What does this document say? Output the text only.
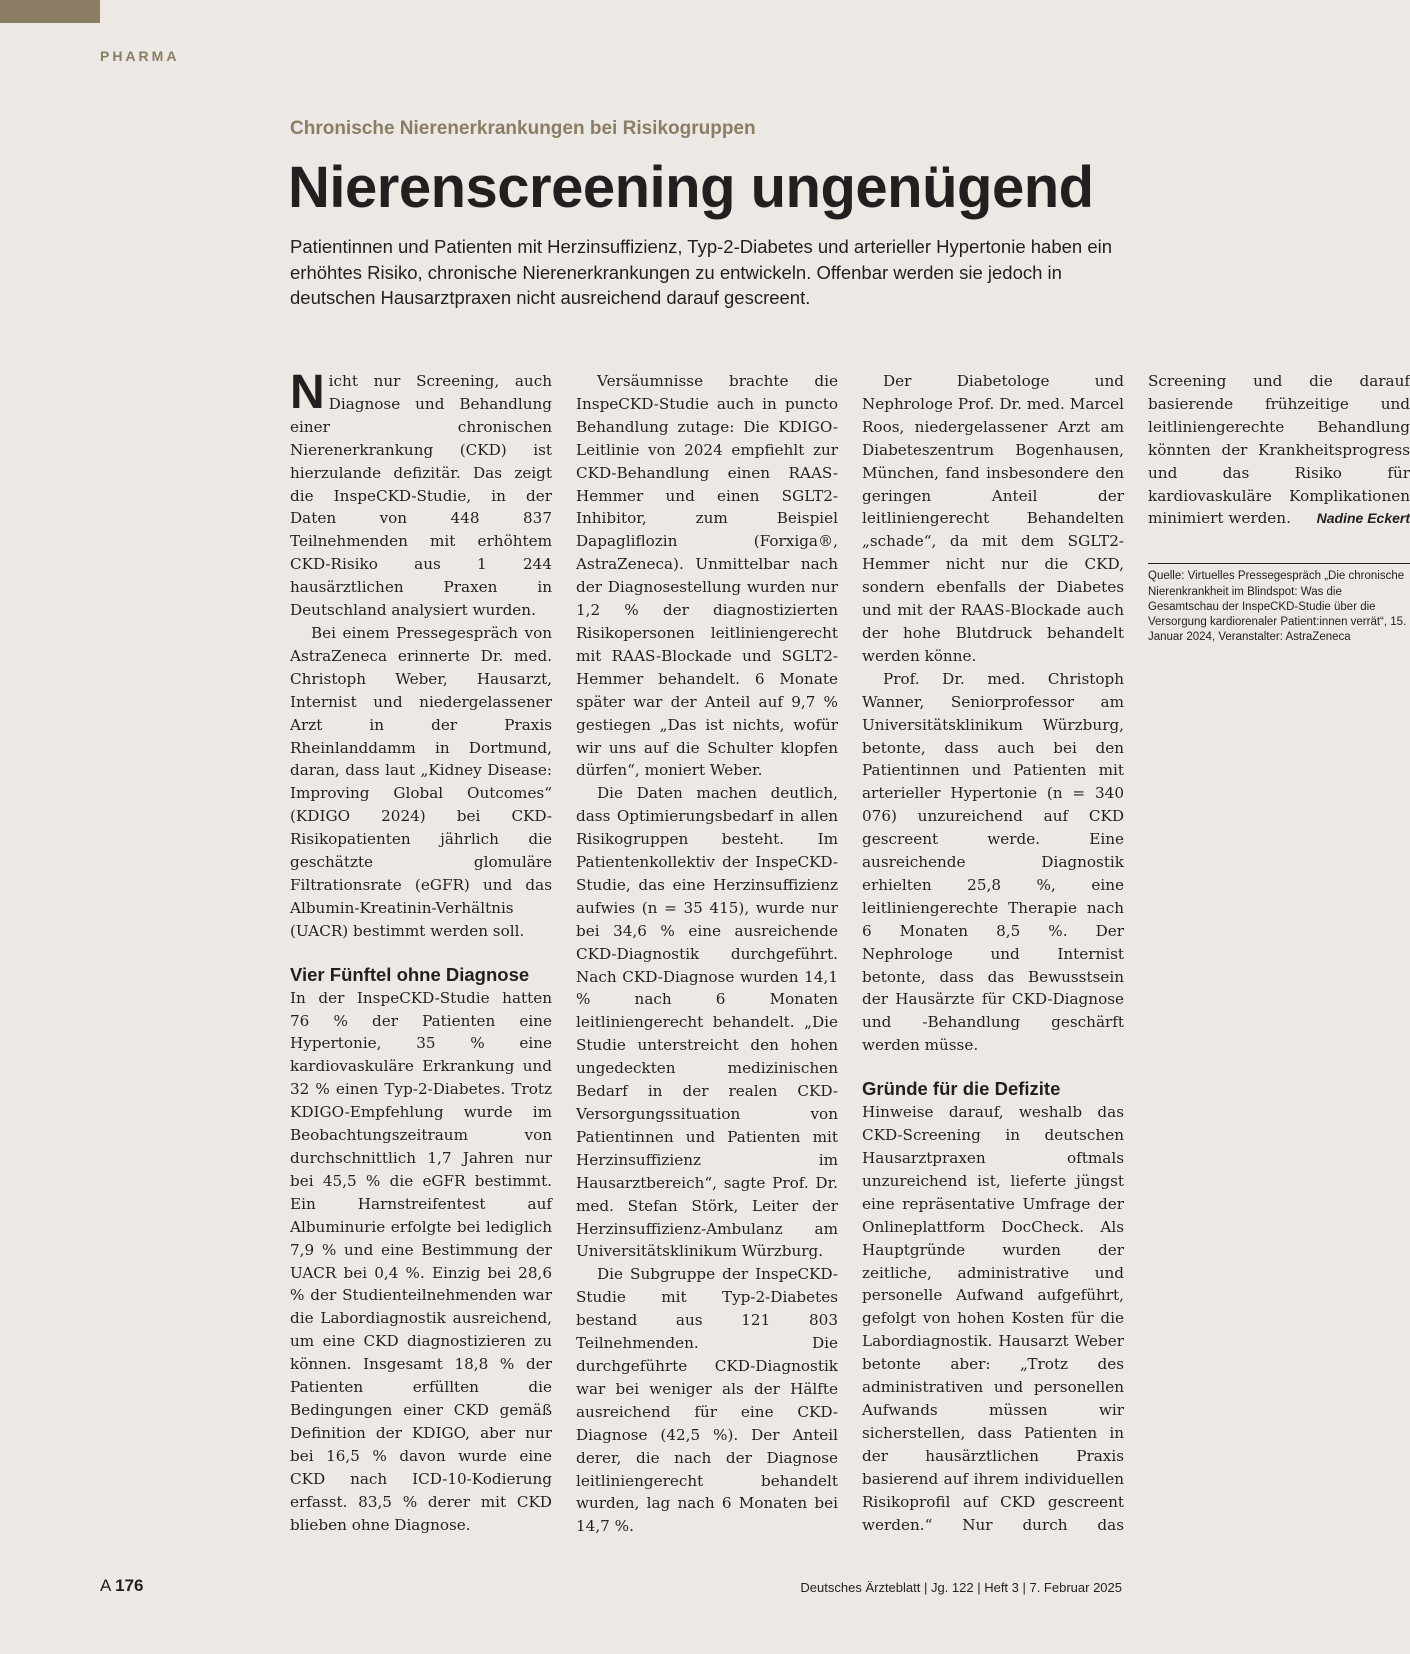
PHARMA

Chronische Nierenerkrankungen bei Risikogruppen

Nierenscreening ungenügend

Patientinnen und Patienten mit Herzinsuffizienz, Typ-2-Diabetes und arterieller Hypertonie haben ein erhöhtes Risiko, chronische Nierenerkrankungen zu entwickeln. Offenbar werden sie jedoch in deutschen Hausarztpraxen nicht ausreichend darauf gescreent.

Nicht nur Screening, auch Diagnose und Behandlung einer chronischen Nierenerkrankung (CKD) ist hierzulande defizitär. Das zeigt die InspeCKD-Studie, in der Daten von 448 837 Teilnehmenden mit erhöhtem CKD-Risiko aus 1 244 hausärztlichen Praxen in Deutschland analysiert wurden.

Bei einem Pressegespräch von AstraZeneca erinnerte Dr. med. Christoph Weber, Hausarzt, Internist und niedergelassener Arzt in der Praxis Rheinlanddamm in Dortmund, daran, dass laut „Kidney Disease: Improving Global Outcomes“ (KDIGO 2024) bei CKD-Risikopatienten jährlich die geschätzte glomuläre Filtrationsrate (eGFR) und das Albumin-Kreatinin-Verhältnis (UACR) bestimmt werden soll.

Vier Fünftel ohne Diagnose

In der InspeCKD-Studie hatten 76 % der Patienten eine Hypertonie, 35 % eine kardiovaskuläre Erkrankung und 32 % einen Typ-2-Diabetes. Trotz KDIGO-Empfehlung wurde im Beobachtungszeitraum von durchschnittlich 1,7 Jahren nur bei 45,5 % die eGFR bestimmt. Ein Harnstreifentest auf Albuminurie erfolgte bei lediglich 7,9 % und eine Bestimmung der UACR bei 0,4 %. Einzig bei 28,6 % der Studienteilnehmenden war die Labordiagnostik ausreichend, um eine CKD diagnostizieren zu können. Insgesamt 18,8 % der Patienten erfüllten die Bedingungen einer CKD gemäß Definition der KDIGO, aber nur bei 16,5 % davon wurde eine CKD nach ICD-10-Kodierung erfasst. 83,5 % derer mit CKD blieben ohne Diagnose.

Versäumnisse brachte die InspeCKD-Studie auch in puncto Behandlung zutage: Die KDIGO-Leitlinie von 2024 empfiehlt zur CKD-Behandlung einen RAAS-Hemmer und einen SGLT2-Inhibitor, zum Beispiel Dapagliflozin (Forxiga®, AstraZeneca). Unmittelbar nach der Diagnosestellung wurden nur 1,2 % der diagnostizierten Risikopersonen leitliniengerecht mit RAAS-Blockade und SGLT2-Hemmer behandelt. 6 Monate später war der Anteil auf 9,7 % gestiegen „Das ist nichts, wofür wir uns auf die Schulter klopfen dürfen“, moniert Weber.

Die Daten machen deutlich, dass Optimierungsbedarf in allen Risikogruppen besteht. Im Patientenkollektiv der InspeCKD-Studie, das eine Herzinsuffizienz aufwies (n = 35 415), wurde nur bei 34,6 % eine ausreichende CKD-Diagnostik durchgeführt. Nach CKD-Diagnose wurden 14,1 % nach 6 Monaten leitliniengerecht behandelt. „Die Studie unterstreicht den hohen ungedeckten medizinischen Bedarf in der realen CKD-Versorgungssituation von Patientinnen und Patienten mit Herzinsuffizienz im Hausarztbereich“, sagte Prof. Dr. med. Stefan Störk, Leiter der Herzinsuffizienz-Ambulanz am Universitätsklinikum Würzburg.

Die Subgruppe der InspeCKD-Studie mit Typ-2-Diabetes bestand aus 121 803 Teilnehmenden. Die durchgeführte CKD-Diagnostik war bei weniger als der Hälfte ausreichend für eine CKD-Diagnose (42,5 %). Der Anteil derer, die nach der Diagnose leitliniengerecht behandelt wurden, lag nach 6 Monaten bei 14,7 %.

Der Diabetologe und Nephrologe Prof. Dr. med. Marcel Roos, niedergelassener Arzt am Diabeteszentrum Bogenhausen, München, fand insbesondere den geringen Anteil der leitliniengerecht Behandelten „schade“, da mit dem SGLT2-Hemmer nicht nur die CKD, sondern ebenfalls der Diabetes und mit der RAAS-Blockade auch der hohe Blutdruck behandelt werden könne.

Prof. Dr. med. Christoph Wanner, Seniorprofessor am Universitätsklinikum Würzburg, betonte, dass auch bei den Patientinnen und Patienten mit arterieller Hypertonie (n = 340 076) unzureichend auf CKD gescreent werde. Eine ausreichende Diagnostik erhielten 25,8 %, eine leitliniengerechte Therapie nach 6 Monaten 8,5 %. Der Nephrologe und Internist betonte, dass das Bewusstsein der Hausärzte für CKD-Diagnose und -Behandlung geschärft werden müsse.

Gründe für die Defizite

Hinweise darauf, weshalb das CKD-Screening in deutschen Hausarztpraxen oftmals unzureichend ist, lieferte jüngst eine repräsentative Umfrage der Onlineplattform DocCheck. Als Hauptgründe wurden der zeitliche, administrative und personelle Aufwand aufgeführt, gefolgt von hohen Kosten für die Labordiagnostik. Hausarzt Weber betonte aber: „Trotz des administrativen und personellen Aufwands müssen wir sicherstellen, dass Patienten in der hausärztlichen Praxis basierend auf ihrem individuellen Risikoprofil auf CKD gescreent werden.“ Nur durch das Screening und die darauf basierende frühzeitige und leitliniengerechte Behandlung könnten der Krankheitsprogress und das Risiko für kardiovaskuläre Komplikationen minimiert werden. Nadine Eckert

Quelle: Virtuelles Pressegespräch „Die chronische Nierenkrankheit im Blindspot: Was die Gesamtschau der InspeCKD-Studie über die Versorgung kardiorenaler Patient:innen verrät“, 15. Januar 2024, Veranstalter: AstraZeneca
A 176	Deutsches Ärzteblatt | Jg. 122 | Heft 3 | 7. Februar 2025
